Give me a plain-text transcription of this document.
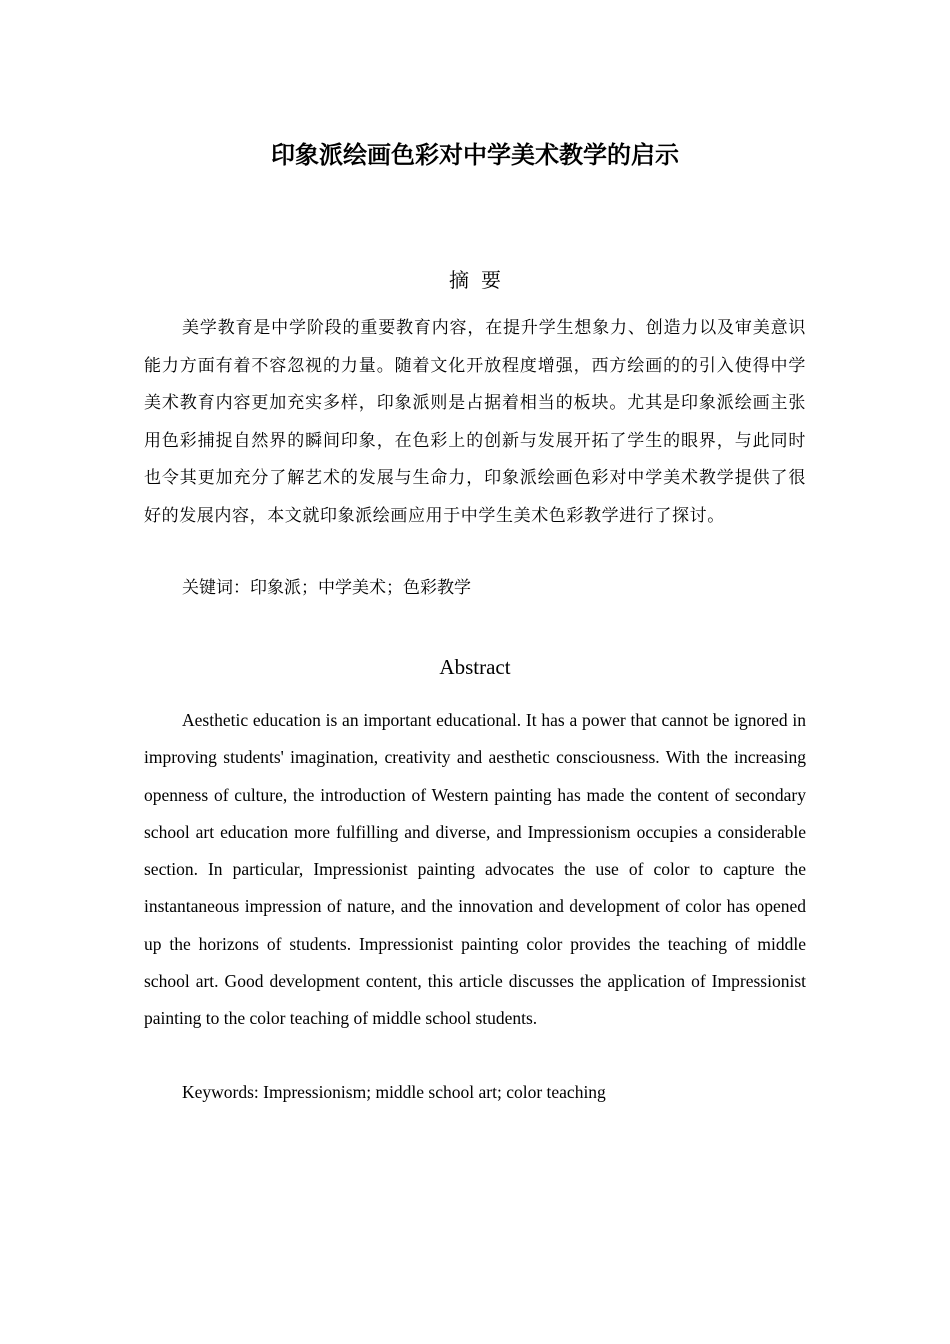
印象派绘画色彩对中学美术教学的启示
摘要

美学教育是中学阶段的重要教育内容，在提升学生想象力、创造力以及审美意识能力方面有着不容忽视的力量。随着文化开放程度增强，西方绘画的的引入使得中学美术教育内容更加充实多样，印象派则是占据着相当的板块。尤其是印象派绘画主张用色彩捕捉自然界的瞬间印象，在色彩上的创新与发展开拓了学生的眼界，与此同时也令其更加充分了解艺术的发展与生命力，印象派绘画色彩对中学美术教学提供了很好的发展内容，本文就印象派绘画应用于中学生美术色彩教学进行了探讨。

关键词：印象派；中学美术；色彩教学

Abstract

Aesthetic education is an important educational. It has a power that cannot be ignored in improving students' imagination, creativity and aesthetic consciousness. With the increasing openness of culture, the introduction of Western painting has made the content of secondary school art education more fulfilling and diverse, and Impressionism occupies a considerable section. In particular, Impressionist painting advocates the use of color to capture the instantaneous impression of nature, and the innovation and development of color has opened up the horizons of students. Impressionist painting color provides the teaching of middle school art. Good development content, this article discusses the application of Impressionist painting to the color teaching of middle school students.

Keywords: Impressionism; middle school art; color teaching
